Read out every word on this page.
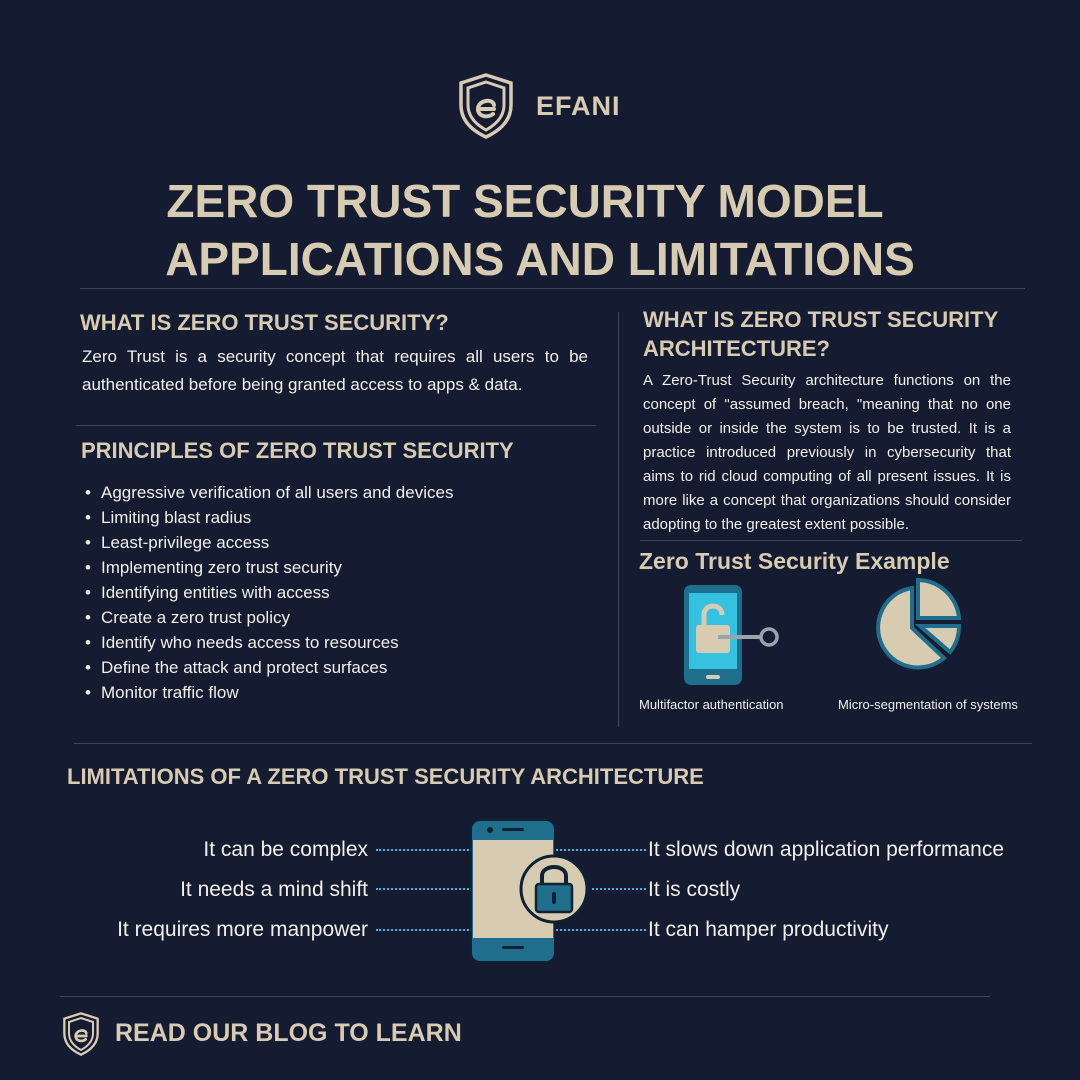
EFANI
ZERO TRUST SECURITY MODEL
APPLICATIONS AND LIMITATIONS
WHAT IS ZERO TRUST SECURITY?
Zero Trust is a security concept that requires all users to be authenticated before being granted access to apps & data.
PRINCIPLES OF ZERO TRUST SECURITY
• Aggressive verification of all users and devices
• Limiting blast radius
• Least-privilege access
• Implementing zero trust security
• Identifying entities with access
• Create a zero trust policy
• Identify who needs access to resources
• Define the attack and protect surfaces
• Monitor traffic flow
WHAT IS ZERO TRUST SECURITY
ARCHITECTURE?
A Zero-Trust Security architecture functions on the concept of "assumed breach, "meaning that no one outside or inside the system is to be trusted. It is a practice introduced previously in cybersecurity that aims to rid cloud computing of all present issues. It is more like a concept that organizations should consider adopting to the greatest extent possible.
Zero Trust Security Example
Multifactor authentication	Micro-segmentation of systems
LIMITATIONS OF A ZERO TRUST SECURITY ARCHITECTURE
It can be complex
It needs a mind shift
It requires more manpower
It slows down application performance
It is costly
It can hamper productivity
READ OUR BLOG TO LEARN
